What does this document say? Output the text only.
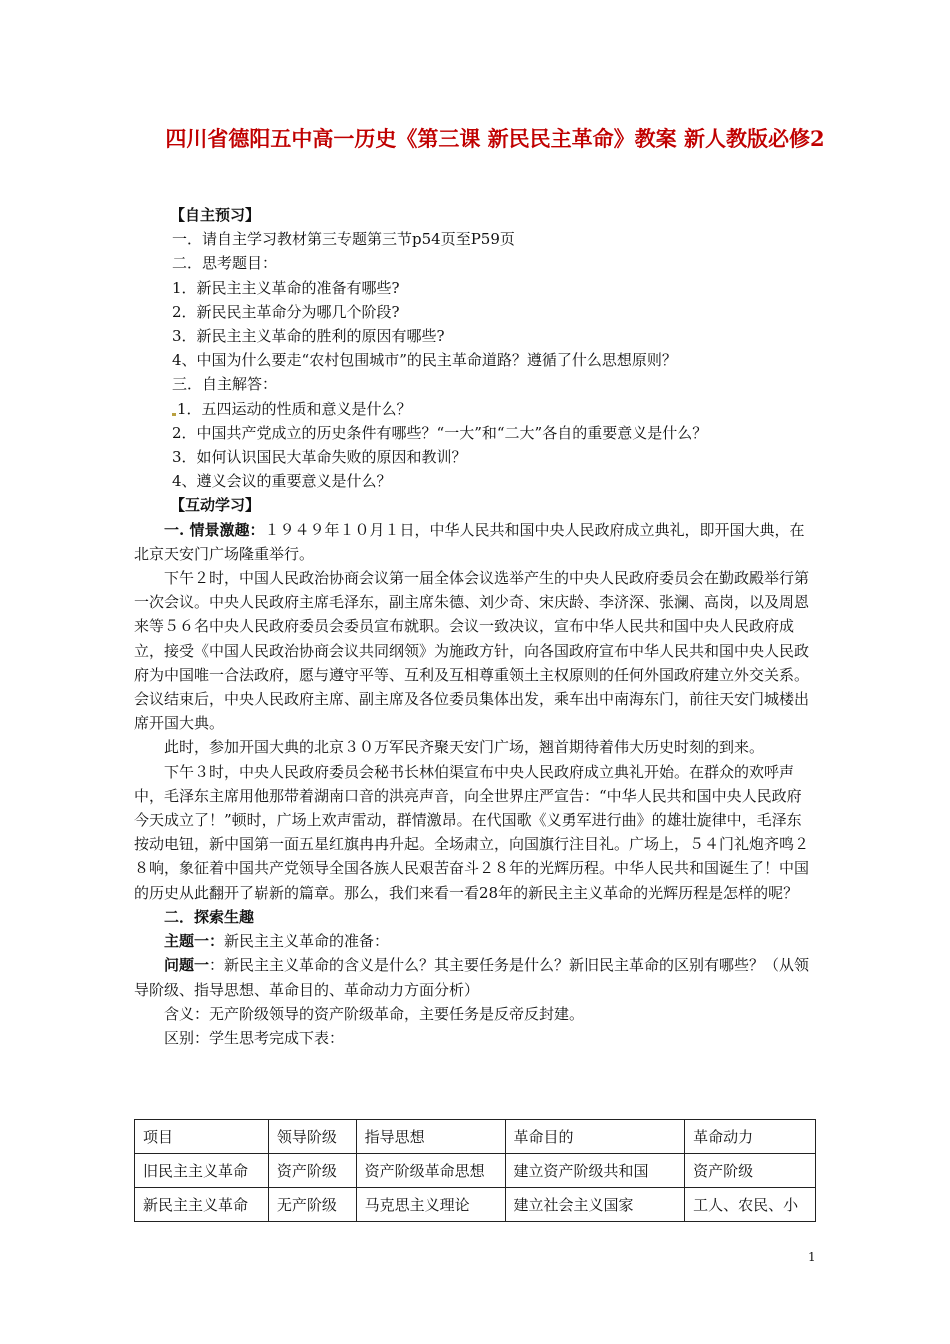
四川省德阳五中高一历史《第三课 新民民主革命》教案 新人教版必修2

【自主预习】

一．请自主学习教材第三专题第三节p54页至P59页

二．思考题目：

1．新民主主义革命的准备有哪些?

2．新民民主革命分为哪几个阶段?

3．新民主主义革命的胜利的原因有哪些?

4、中国为什么要走“农村包围城市”的民主革命道路？遵循了什么思想原则？

三．自主解答：

1．五四运动的性质和意义是什么？

2．中国共产党成立的历史条件有哪些？“一大”和“二大”各自的重要意义是什么？

3．如何认识国民大革命失败的原因和教训？

4、遵义会议的重要意义是什么？

【互动学习】

一. 情景激趣：１９４９年１０月１日，中华人民共和国中央人民政府成立典礼，即开国大典，在北京天安门广场隆重举行。

下午２时，中国人民政治协商会议第一届全体会议选举产生的中央人民政府委员会在勤政殿举行第一次会议。中央人民政府主席毛泽东，副主席朱德、刘少奇、宋庆龄、李济深、张澜、高岗，以及周恩来等５６名中央人民政府委员会委员宣布就职。会议一致决议，宣布中华人民共和国中央人民政府成立，接受《中国人民政治协商会议共同纲领》为施政方针，向各国政府宣布中华人民共和国中央人民政府为中国唯一合法政府，愿与遵守平等、互利及互相尊重领土主权原则的任何外国政府建立外交关系。会议结束后，中央人民政府主席、副主席及各位委员集体出发，乘车出中南海东门，前往天安门城楼出席开国大典。

此时，参加开国大典的北京３０万军民齐聚天安门广场，翘首期待着伟大历史时刻的到来。

下午３时，中央人民政府委员会秘书长林伯渠宣布中央人民政府成立典礼开始。在群众的欢呼声中，毛泽东主席用他那带着湖南口音的洪亮声音，向全世界庄严宣告：“中华人民共和国中央人民政府今天成立了！”顿时，广场上欢声雷动，群情激昂。在代国歌《义勇军进行曲》的雄壮旋律中，毛泽东按动电钮，新中国第一面五星红旗冉冉升起。全场肃立，向国旗行注目礼。广场上，５４门礼炮齐鸣２８响，象征着中国共产党领导全国各族人民艰苦奋斗２８年的光辉历程。中华人民共和国诞生了！中国的历史从此翻开了崭新的篇章。那么，我们来看一看28年的新民主主义革命的光辉历程是怎样的呢？

二．探索生趣

主题一：新民主主义革命的准备：

问题一：新民主主义革命的含义是什么？其主要任务是什么？新旧民主革命的区别有哪些？（从领导阶级、指导思想、革命目的、革命动力方面分析）

含义：无产阶级领导的资产阶级革命，主要任务是反帝反封建。

区别：学生思考完成下表：

项目	领导阶级	指导思想	革命目的	革命动力
旧民主主义革命	资产阶级	资产阶级革命思想	建立资产阶级共和国	资产阶级
新民主主义革命	无产阶级	马克思主义理论	建立社会主义国家	工人、农民、小
1
